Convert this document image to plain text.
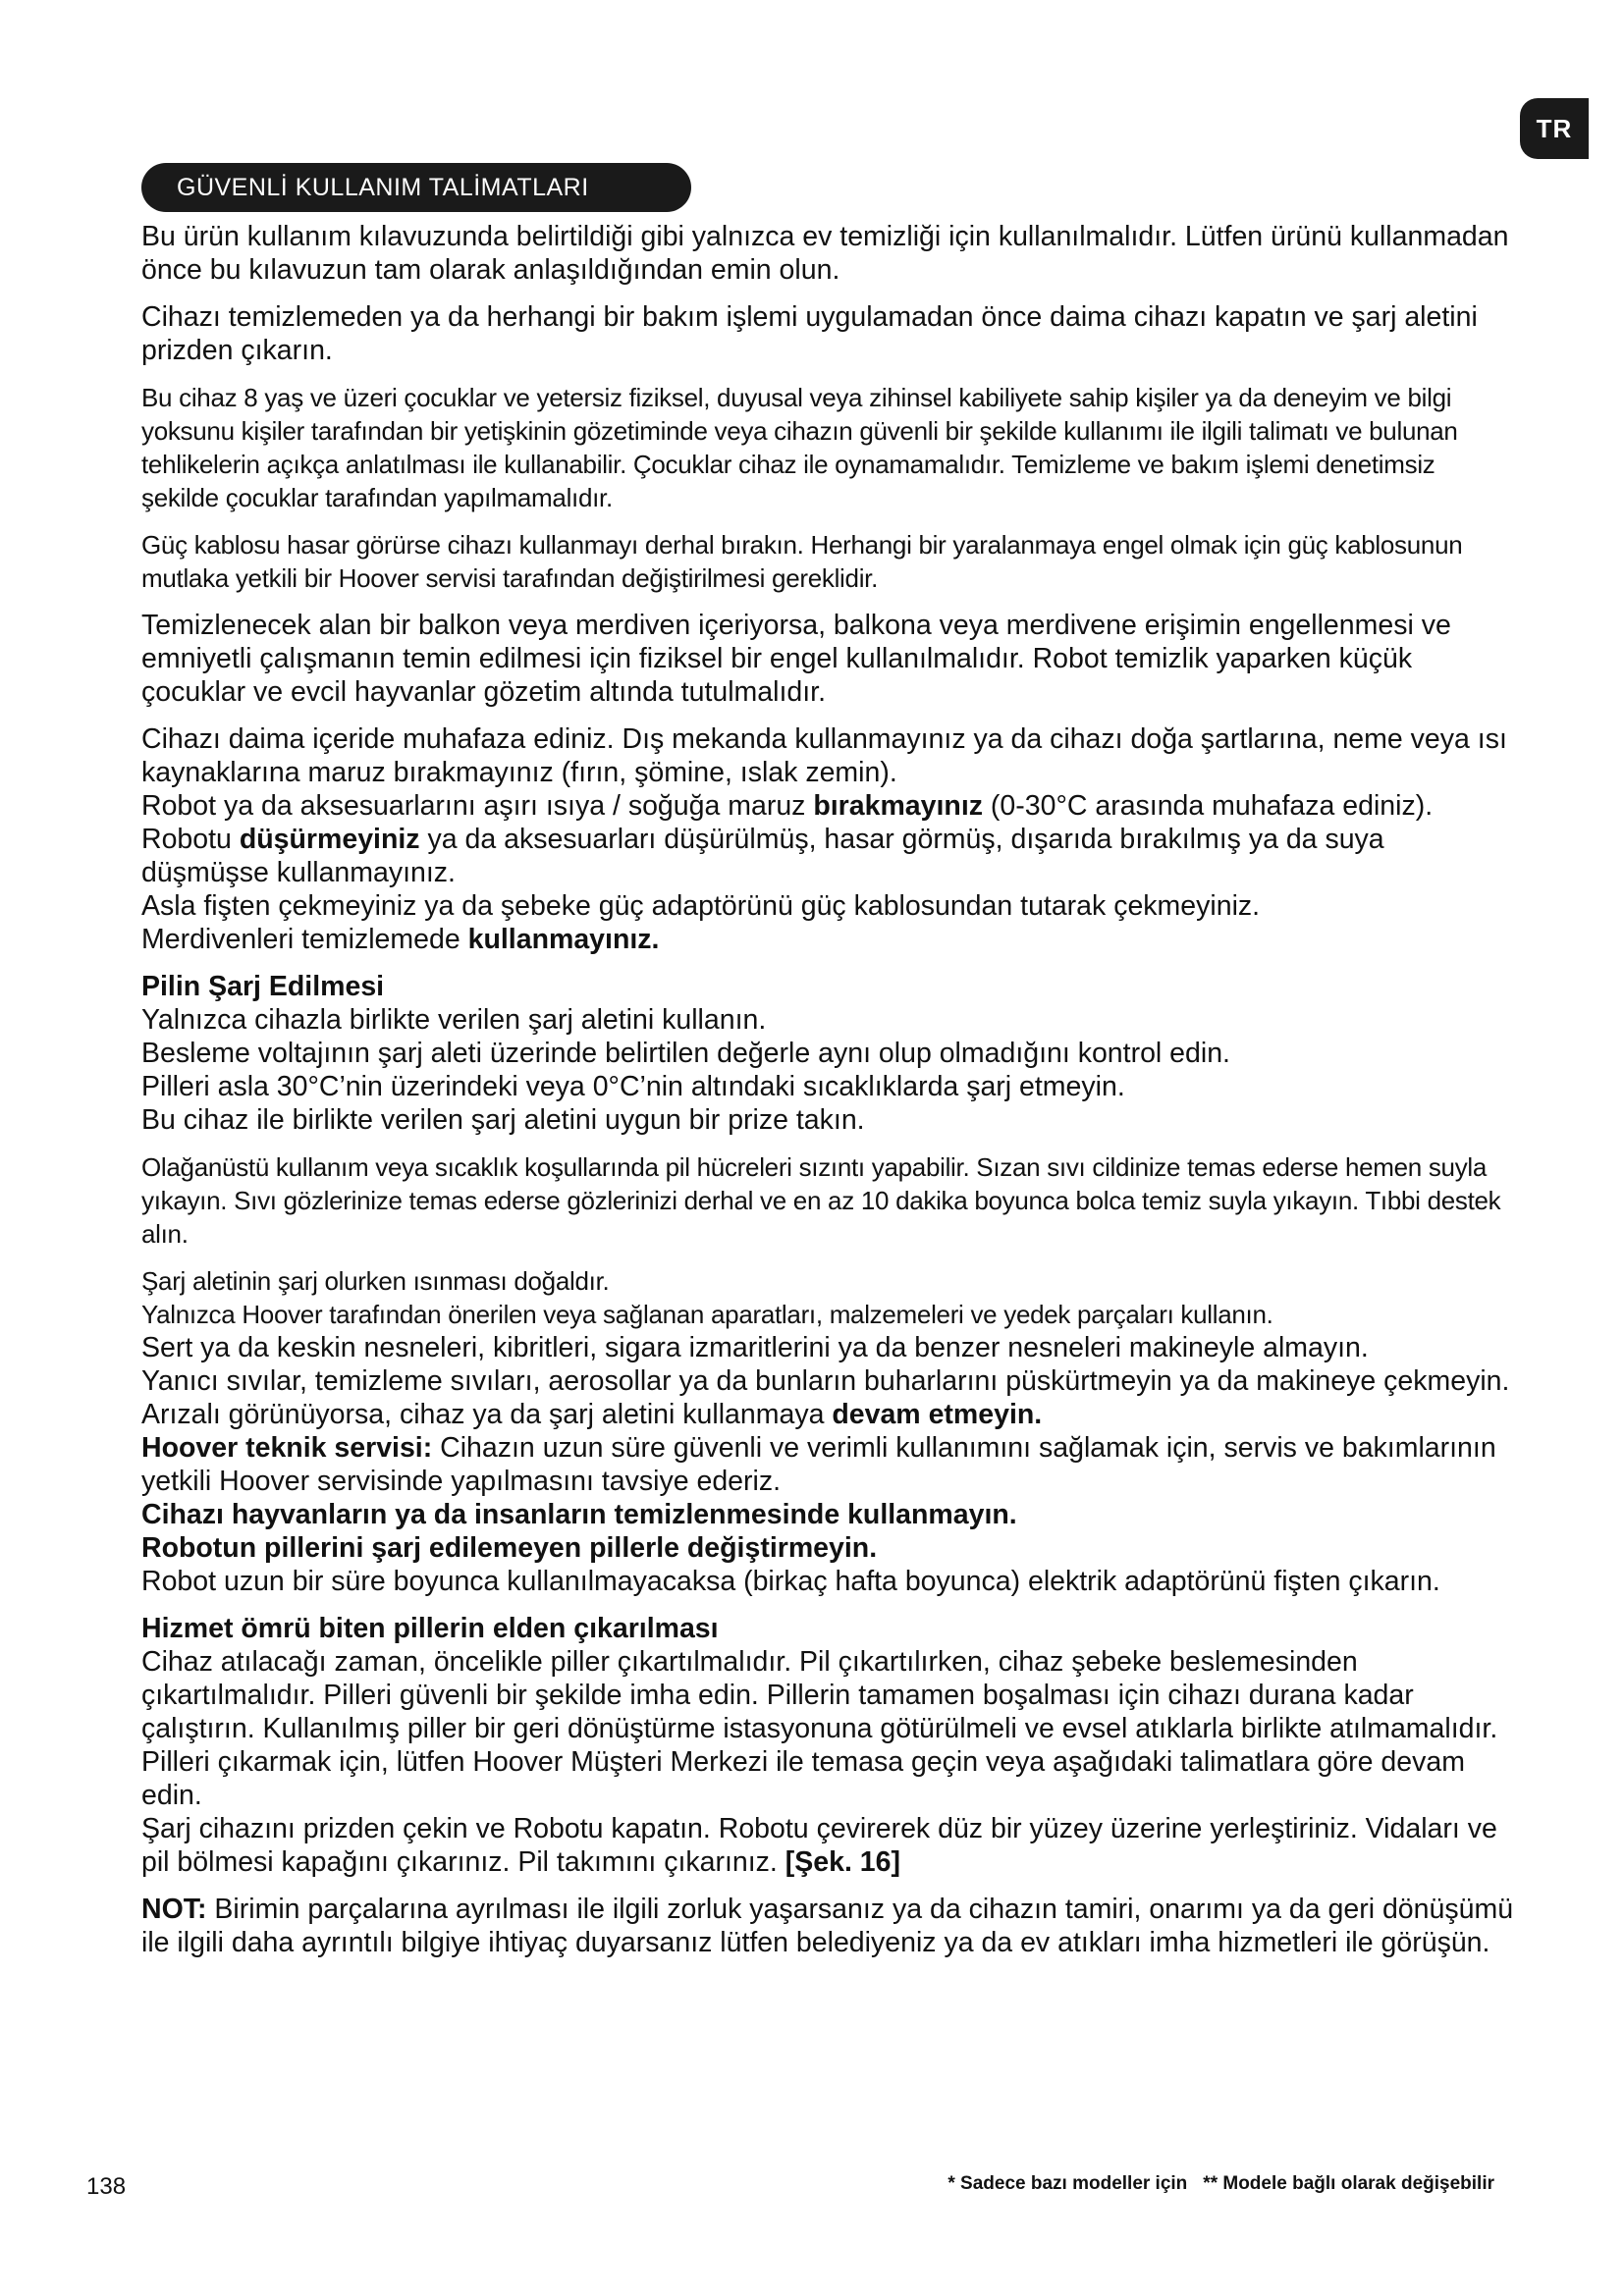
TR
GÜVENLİ KULLANIM TALİMATLARI

Bu ürün kullanım kılavuzunda belirtildiği gibi yalnızca ev temizliği için kullanılmalıdır. Lütfen ürünü kullanmadan önce bu kılavuzun tam olarak anlaşıldığından emin olun.

Cihazı temizlemeden ya da herhangi bir bakım işlemi uygulamadan önce daima cihazı kapatın ve şarj aletini prizden çıkarın.

Bu cihaz 8 yaş ve üzeri çocuklar ve yetersiz fiziksel, duyusal veya zihinsel kabiliyete sahip kişiler ya da deneyim ve bilgi yoksunu kişiler tarafından bir yetişkinin gözetiminde veya cihazın güvenli bir şekilde kullanımı ile ilgili talimatı ve bulunan tehlikelerin açıkça anlatılması ile kullanabilir. Çocuklar cihaz ile oynamamalıdır. Temizleme ve bakım işlemi denetimsiz şekilde çocuklar tarafından yapılmamalıdır.

Güç kablosu hasar görürse cihazı kullanmayı derhal bırakın. Herhangi bir yaralanmaya engel olmak için güç kablosunun mutlaka yetkili bir Hoover servisi tarafından değiştirilmesi gereklidir.

Temizlenecek alan bir balkon veya merdiven içeriyorsa, balkona veya merdivene erişimin engellenmesi ve emniyetli çalışmanın temin edilmesi için fiziksel bir engel kullanılmalıdır. Robot temizlik yaparken küçük çocuklar ve evcil hayvanlar gözetim altında tutulmalıdır.

Cihazı daima içeride muhafaza ediniz. Dış mekanda kullanmayınız ya da cihazı doğa şartlarına, neme veya ısı kaynaklarına maruz bırakmayınız (fırın, şömine, ıslak zemin).

Robot ya da aksesuarlarını aşırı ısıya / soğuğa maruz bırakmayınız (0-30°C arasında muhafaza ediniz).

Robotu düşürmeyiniz ya da aksesuarları düşürülmüş, hasar görmüş, dışarıda bırakılmış ya da suya düşmüşse kullanmayınız.

Asla fişten çekmeyiniz ya da şebeke güç adaptörünü güç kablosundan tutarak çekmeyiniz.

Merdivenleri temizlemede kullanmayınız.

Pilin Şarj Edilmesi

Yalnızca cihazla birlikte verilen şarj aletini kullanın.

Besleme voltajının şarj aleti üzerinde belirtilen değerle aynı olup olmadığını kontrol edin.

Pilleri asla 30°C’nin üzerindeki veya 0°C’nin altındaki sıcaklıklarda şarj etmeyin.

Bu cihaz ile birlikte verilen şarj aletini uygun bir prize takın.

Olağanüstü kullanım veya sıcaklık koşullarında pil hücreleri sızıntı yapabilir. Sızan sıvı cildinize temas ederse hemen suyla yıkayın. Sıvı gözlerinize temas ederse gözlerinizi derhal ve en az 10 dakika boyunca bolca temiz suyla yıkayın. Tıbbi destek alın.

Şarj aletinin şarj olurken ısınması doğaldır.

Yalnızca Hoover tarafından önerilen veya sağlanan aparatları, malzemeleri ve yedek parçaları kullanın.

Sert ya da keskin nesneleri, kibritleri, sigara izmaritlerini ya da benzer nesneleri makineyle almayın.

Yanıcı sıvılar, temizleme sıvıları, aerosollar ya da bunların buharlarını püskürtmeyin ya da makineye çekmeyin.

Arızalı görünüyorsa, cihaz ya da şarj aletini kullanmaya devam etmeyin.

Hoover teknik servisi: Cihazın uzun süre güvenli ve verimli kullanımını sağlamak için, servis ve bakımlarının yetkili Hoover servisinde yapılmasını tavsiye ederiz.

Cihazı hayvanların ya da insanların temizlenmesinde kullanmayın.

Robotun pillerini şarj edilemeyen pillerle değiştirmeyin.

Robot uzun bir süre boyunca kullanılmayacaksa (birkaç hafta boyunca) elektrik adaptörünü fişten çıkarın.

Hizmet ömrü biten pillerin elden çıkarılması

Cihaz atılacağı zaman, öncelikle piller çıkartılmalıdır. Pil çıkartılırken, cihaz şebeke beslemesinden çıkartılmalıdır. Pilleri güvenli bir şekilde imha edin. Pillerin tamamen boşalması için cihazı durana kadar çalıştırın. Kullanılmış piller bir geri dönüştürme istasyonuna götürülmeli ve evsel atıklarla birlikte atılmamalıdır. Pilleri çıkarmak için, lütfen Hoover Müşteri Merkezi ile temasa geçin veya aşağıdaki talimatlara göre devam edin.

Şarj cihazını prizden çekin ve Robotu kapatın. Robotu çevirerek düz bir yüzey üzerine yerleştiriniz. Vidaları ve pil bölmesi kapağını çıkarınız. Pil takımını çıkarınız. [Şek. 16]

NOT: Birimin parçalarına ayrılması ile ilgili zorluk yaşarsanız ya da cihazın tamiri, onarımı ya da geri dönüşümü ile ilgili daha ayrıntılı bilgiye ihtiyaç duyarsanız lütfen belediyeniz ya da ev atıkları imha hizmetleri ile görüşün.

138	* Sadece bazı modeller için ** Modele bağlı olarak değişebilir
